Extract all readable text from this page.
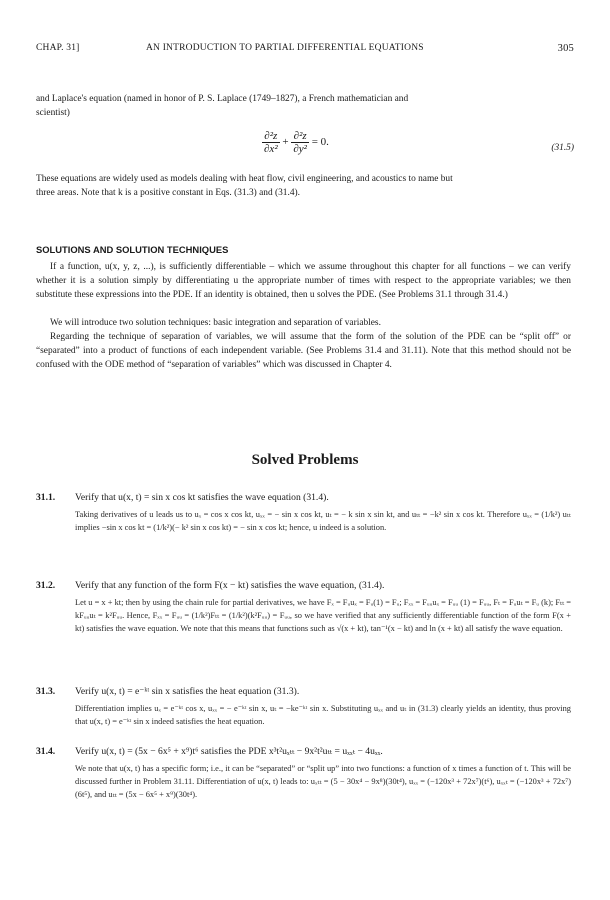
CHAP. 31]	AN INTRODUCTION TO PARTIAL DIFFERENTIAL EQUATIONS	305
and Laplace's equation (named in honor of P. S. Laplace (1749–1827), a French mathematician and
scientist)
$\frac{\text{∂²z}}{\text{∂x²}} + \frac{\text{∂²z}}{\text{∂y²}} = 0$.	(31.5)
These equations are widely used as models dealing with heat flow, civil engineering, and acoustics to name but
three areas. Note that k is a positive constant in Eqs. (31.3) and (31.4).
SOLUTIONS AND SOLUTION TECHNIQUES
If a function, u(x, y, z, ...), is sufficiently differentiable – which we assume throughout this chapter for all functions – we can verify whether it is a solution simply by differentiating u the appropriate number of times with respect to the appropriate variables; we then substitute these expressions into the PDE. If an identity is obtained, then u solves the PDE. (See Problems 31.1 through 31.4.)
We will introduce two solution techniques: basic integration and separation of variables.
Regarding the technique of separation of variables, we will assume that the form of the solution of the PDE can be “split off” or “separated” into a product of functions of each independent variable. (See Problems 31.4 and 31.11). Note that this method should not be confused with the ODE method of “separation of variables” which was discussed in Chapter 4.
Solved Problems
31.1. Verify that u(x, t) = sin x cos kt satisfies the wave equation (31.4).
Taking derivatives of u leads us to uₓ = cos x cos kt, uₓₓ = − sin x cos kt, uₜ = − k sin x sin kt, and uₜₜ = −k² sin x cos kt. Therefore uₓₓ = (1/k²) uₜₜ implies −sin x cos kt = (1/k²)(− k² sin x cos kt) = − sin x cos kt; hence, u indeed is a solution.
31.2. Verify that any function of the form F(x − kt) satisfies the wave equation, (31.4).
Let u = x + kt; then by using the chain rule for partial derivatives, we have Fₓ = Fᵤuₓ = Fᵤ(1) = Fᵤ; Fₓₓ = Fᵤᵤuₓ = Fᵤᵤ (1) = Fᵤᵤ, Fₜ = Fᵤuₜ = Fᵤ (k); Fₜₜ = kFᵤᵤuₜ = k²Fᵤᵤ. Hence, Fₓₓ = Fᵤᵤ = (1/k²)Fₜₜ = (1/k²)(k²Fᵤᵤ) = Fᵤᵤ, so we have verified that any sufficiently differentiable function of the form F(x + kt) satisfies the wave equation. We note that this means that functions such as √(x + kt), tan⁻¹(x − kt) and ln (x + kt) all satisfy the wave equation.
31.3. Verify u(x, t) = e⁻ᵏᵗ sin x satisfies the heat equation (31.3).
Differentiation implies uₓ = e⁻ᵏᵗ cos x, uₓₓ = − e⁻ᵏᵗ sin x, uₜ = −ke⁻ᵏᵗ sin x. Substituting uₓₓ and uₜ in (31.3) clearly yields an identity, thus proving that u(x, t) = e⁻ᵏᵗ sin x indeed satisfies the heat equation.
31.4. Verify u(x, t) = (5x − 6x⁵ + x⁹)t⁶ satisfies the PDE x³t²uₓₜₜ − 9x²t²uₜₜ = uₓₓₜ − 4uₓₓ.
We note that u(x, t) has a specific form; i.e., it can be “separated” or “split up” into two functions: a function of x times a function of t. This will be discussed further in Problem 31.11. Differentiation of u(x, t) leads to: uₓₜₜ = (5 − 30x⁴ − 9x⁸)(30t⁴), uₓₓ = (−120x³ + 72x⁷)(t⁶), uₓₓₜ = (−120x³ + 72x⁷)(6t⁵), and uₜₜ = (5x − 6x⁵ + x⁹)(30t⁴).
